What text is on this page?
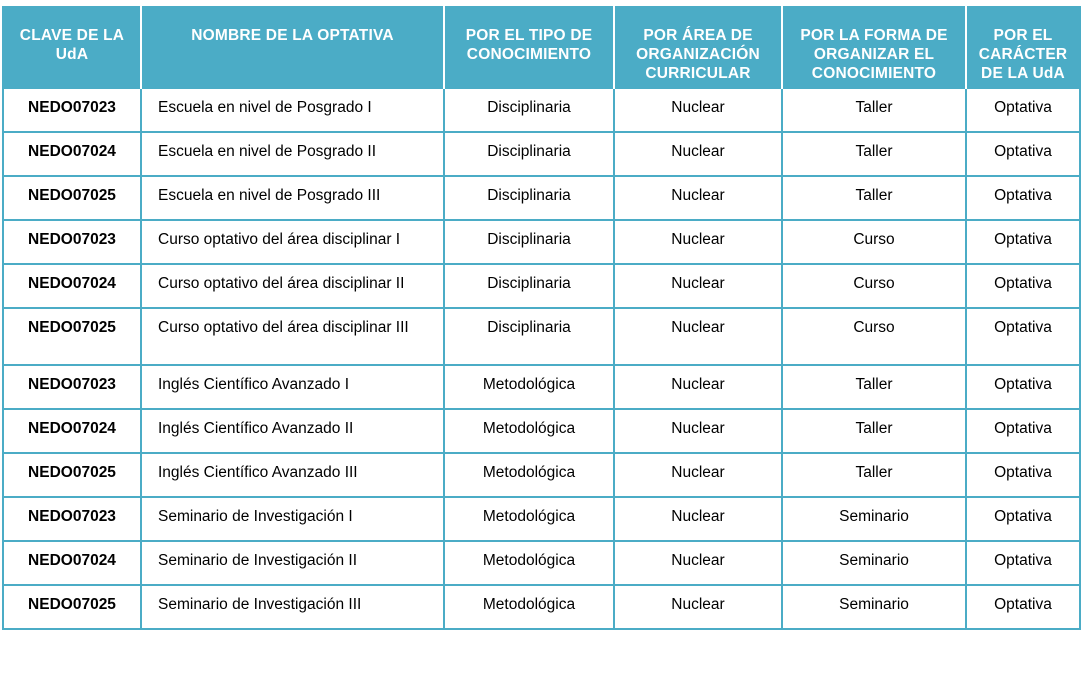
CLAVE DE LA UdA	NOMBRE DE LA OPTATIVA	POR EL TIPO DE CONOCIMIENTO	POR ÁREA DE ORGANIZACIÓN CURRICULAR	POR LA FORMA DE ORGANIZAR EL CONOCIMIENTO	POR EL CARÁCTER DE LA UdA
NEDO07023	Escuela en nivel de Posgrado I	Disciplinaria	Nuclear	Taller	Optativa
NEDO07024	Escuela en nivel de Posgrado II	Disciplinaria	Nuclear	Taller	Optativa
NEDO07025	Escuela en nivel de Posgrado III	Disciplinaria	Nuclear	Taller	Optativa
NEDO07023	Curso optativo del área disciplinar I	Disciplinaria	Nuclear	Curso	Optativa
NEDO07024	Curso optativo del área disciplinar II	Disciplinaria	Nuclear	Curso	Optativa
NEDO07025	Curso optativo del área disciplinar III	Disciplinaria	Nuclear	Curso	Optativa
NEDO07023	Inglés Científico Avanzado I	Metodológica	Nuclear	Taller	Optativa
NEDO07024	Inglés Científico Avanzado II	Metodológica	Nuclear	Taller	Optativa
NEDO07025	Inglés Científico Avanzado III	Metodológica	Nuclear	Taller	Optativa
NEDO07023	Seminario de Investigación I	Metodológica	Nuclear	Seminario	Optativa
NEDO07024	Seminario de Investigación II	Metodológica	Nuclear	Seminario	Optativa
NEDO07025	Seminario de Investigación III	Metodológica	Nuclear	Seminario	Optativa
